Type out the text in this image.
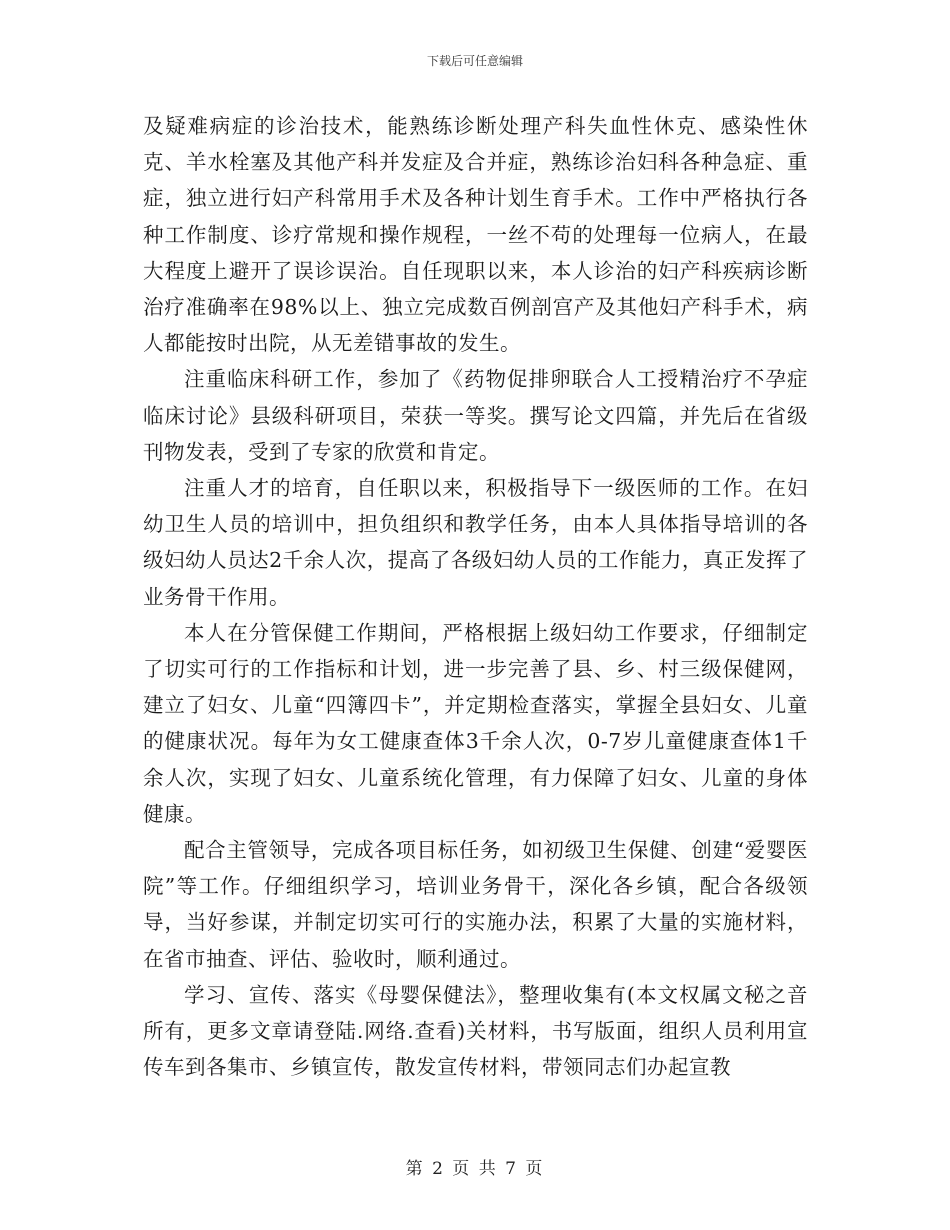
下载后可任意编辑

及疑难病症的诊治技术，能熟练诊断处理产科失血性休克、感染性休克、羊水栓塞及其他产科并发症及合并症，熟练诊治妇科各种急症、重症，独立进行妇产科常用手术及各种计划生育手术。工作中严格执行各种工作制度、诊疗常规和操作规程，一丝不苟的处理每一位病人，在最大程度上避开了误诊误治。自任现职以来，本人诊治的妇产科疾病诊断治疗准确率在98%以上、独立完成数百例剖宫产及其他妇产科手术，病人都能按时出院，从无差错事故的发生。

注重临床科研工作，参加了《药物促排卵联合人工授精治疗不孕症临床讨论》县级科研项目，荣获一等奖。撰写论文四篇，并先后在省级刊物发表，受到了专家的欣赏和肯定。

注重人才的培育，自任职以来，积极指导下一级医师的工作。在妇幼卫生人员的培训中，担负组织和教学任务，由本人具体指导培训的各级妇幼人员达2千余人次，提高了各级妇幼人员的工作能力，真正发挥了业务骨干作用。

本人在分管保健工作期间，严格根据上级妇幼工作要求，仔细制定了切实可行的工作指标和计划，进一步完善了县、乡、村三级保健网，建立了妇女、儿童“四簿四卡”，并定期检查落实，掌握全县妇女、儿童的健康状况。每年为女工健康查体3千余人次，0-7岁儿童健康查体1千余人次，实现了妇女、儿童系统化管理，有力保障了妇女、儿童的身体健康。

配合主管领导，完成各项目标任务，如初级卫生保健、创建“爱婴医院”等工作。仔细组织学习，培训业务骨干，深化各乡镇，配合各级领导，当好参谋，并制定切实可行的实施办法，积累了大量的实施材料，在省市抽查、评估、验收时，顺利通过。

学习、宣传、落实《母婴保健法》，整理收集有(本文权属文秘之音所有，更多文章请登陆.网络.查看)关材料，书写版面，组织人员利用宣传车到各集市、乡镇宣传，散发宣传材料，带领同志们办起宣教

第 2 页 共 7 页
